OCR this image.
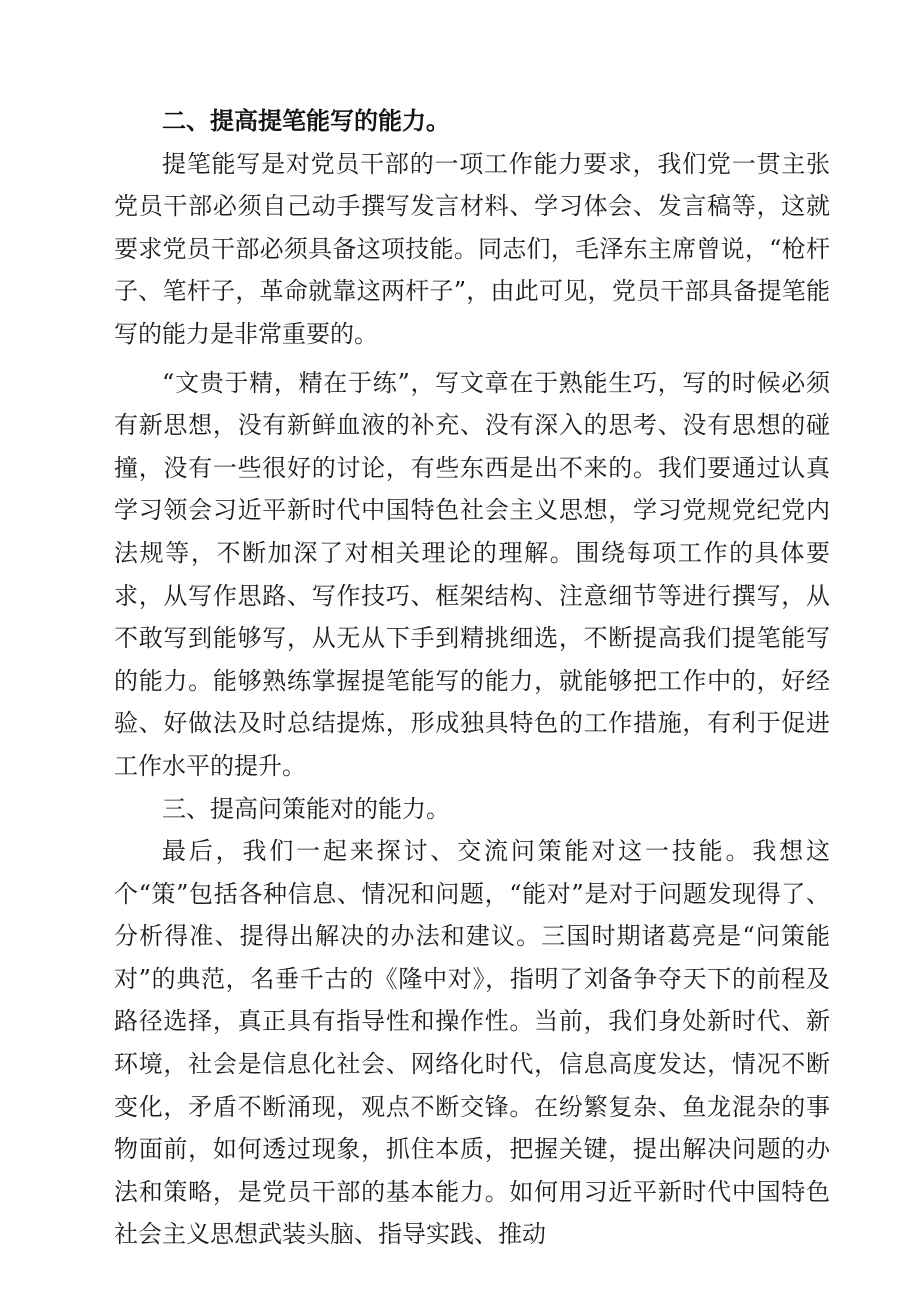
二、提高提笔能写的能力。

提笔能写是对党员干部的一项工作能力要求，我们党一贯主张党员干部必须自己动手撰写发言材料、学习体会、发言稿等，这就要求党员干部必须具备这项技能。同志们，毛泽东主席曾说，“枪杆子、笔杆子，革命就靠这两杆子”，由此可见，党员干部具备提笔能写的能力是非常重要的。

“文贵于精，精在于练”，写文章在于熟能生巧，写的时候必须有新思想，没有新鲜血液的补充、没有深入的思考、没有思想的碰撞，没有一些很好的讨论，有些东西是出不来的。我们要通过认真学习领会习近平新时代中国特色社会主义思想，学习党规党纪党内法规等，不断加深了对相关理论的理解。围绕每项工作的具体要求，从写作思路、写作技巧、框架结构、注意细节等进行撰写，从不敢写到能够写，从无从下手到精挑细选，不断提高我们提笔能写的能力。能够熟练掌握提笔能写的能力，就能够把工作中的，好经验、好做法及时总结提炼，形成独具特色的工作措施，有利于促进工作水平的提升。

三、提高问策能对的能力。

最后，我们一起来探讨、交流问策能对这一技能。我想这个“策”包括各种信息、情况和问题，“能对”是对于问题发现得了、分析得准、提得出解决的办法和建议。三国时期诸葛亮是“问策能对”的典范，名垂千古的《隆中对》，指明了刘备争夺天下的前程及路径选择，真正具有指导性和操作性。当前，我们身处新时代、新环境，社会是信息化社会、网络化时代，信息高度发达，情况不断变化，矛盾不断涌现，观点不断交锋。在纷繁复杂、鱼龙混杂的事物面前，如何透过现象，抓住本质，把握关键，提出解决问题的办法和策略，是党员干部的基本能力。如何用习近平新时代中国特色社会主义思想武装头脑、指导实践、推动
